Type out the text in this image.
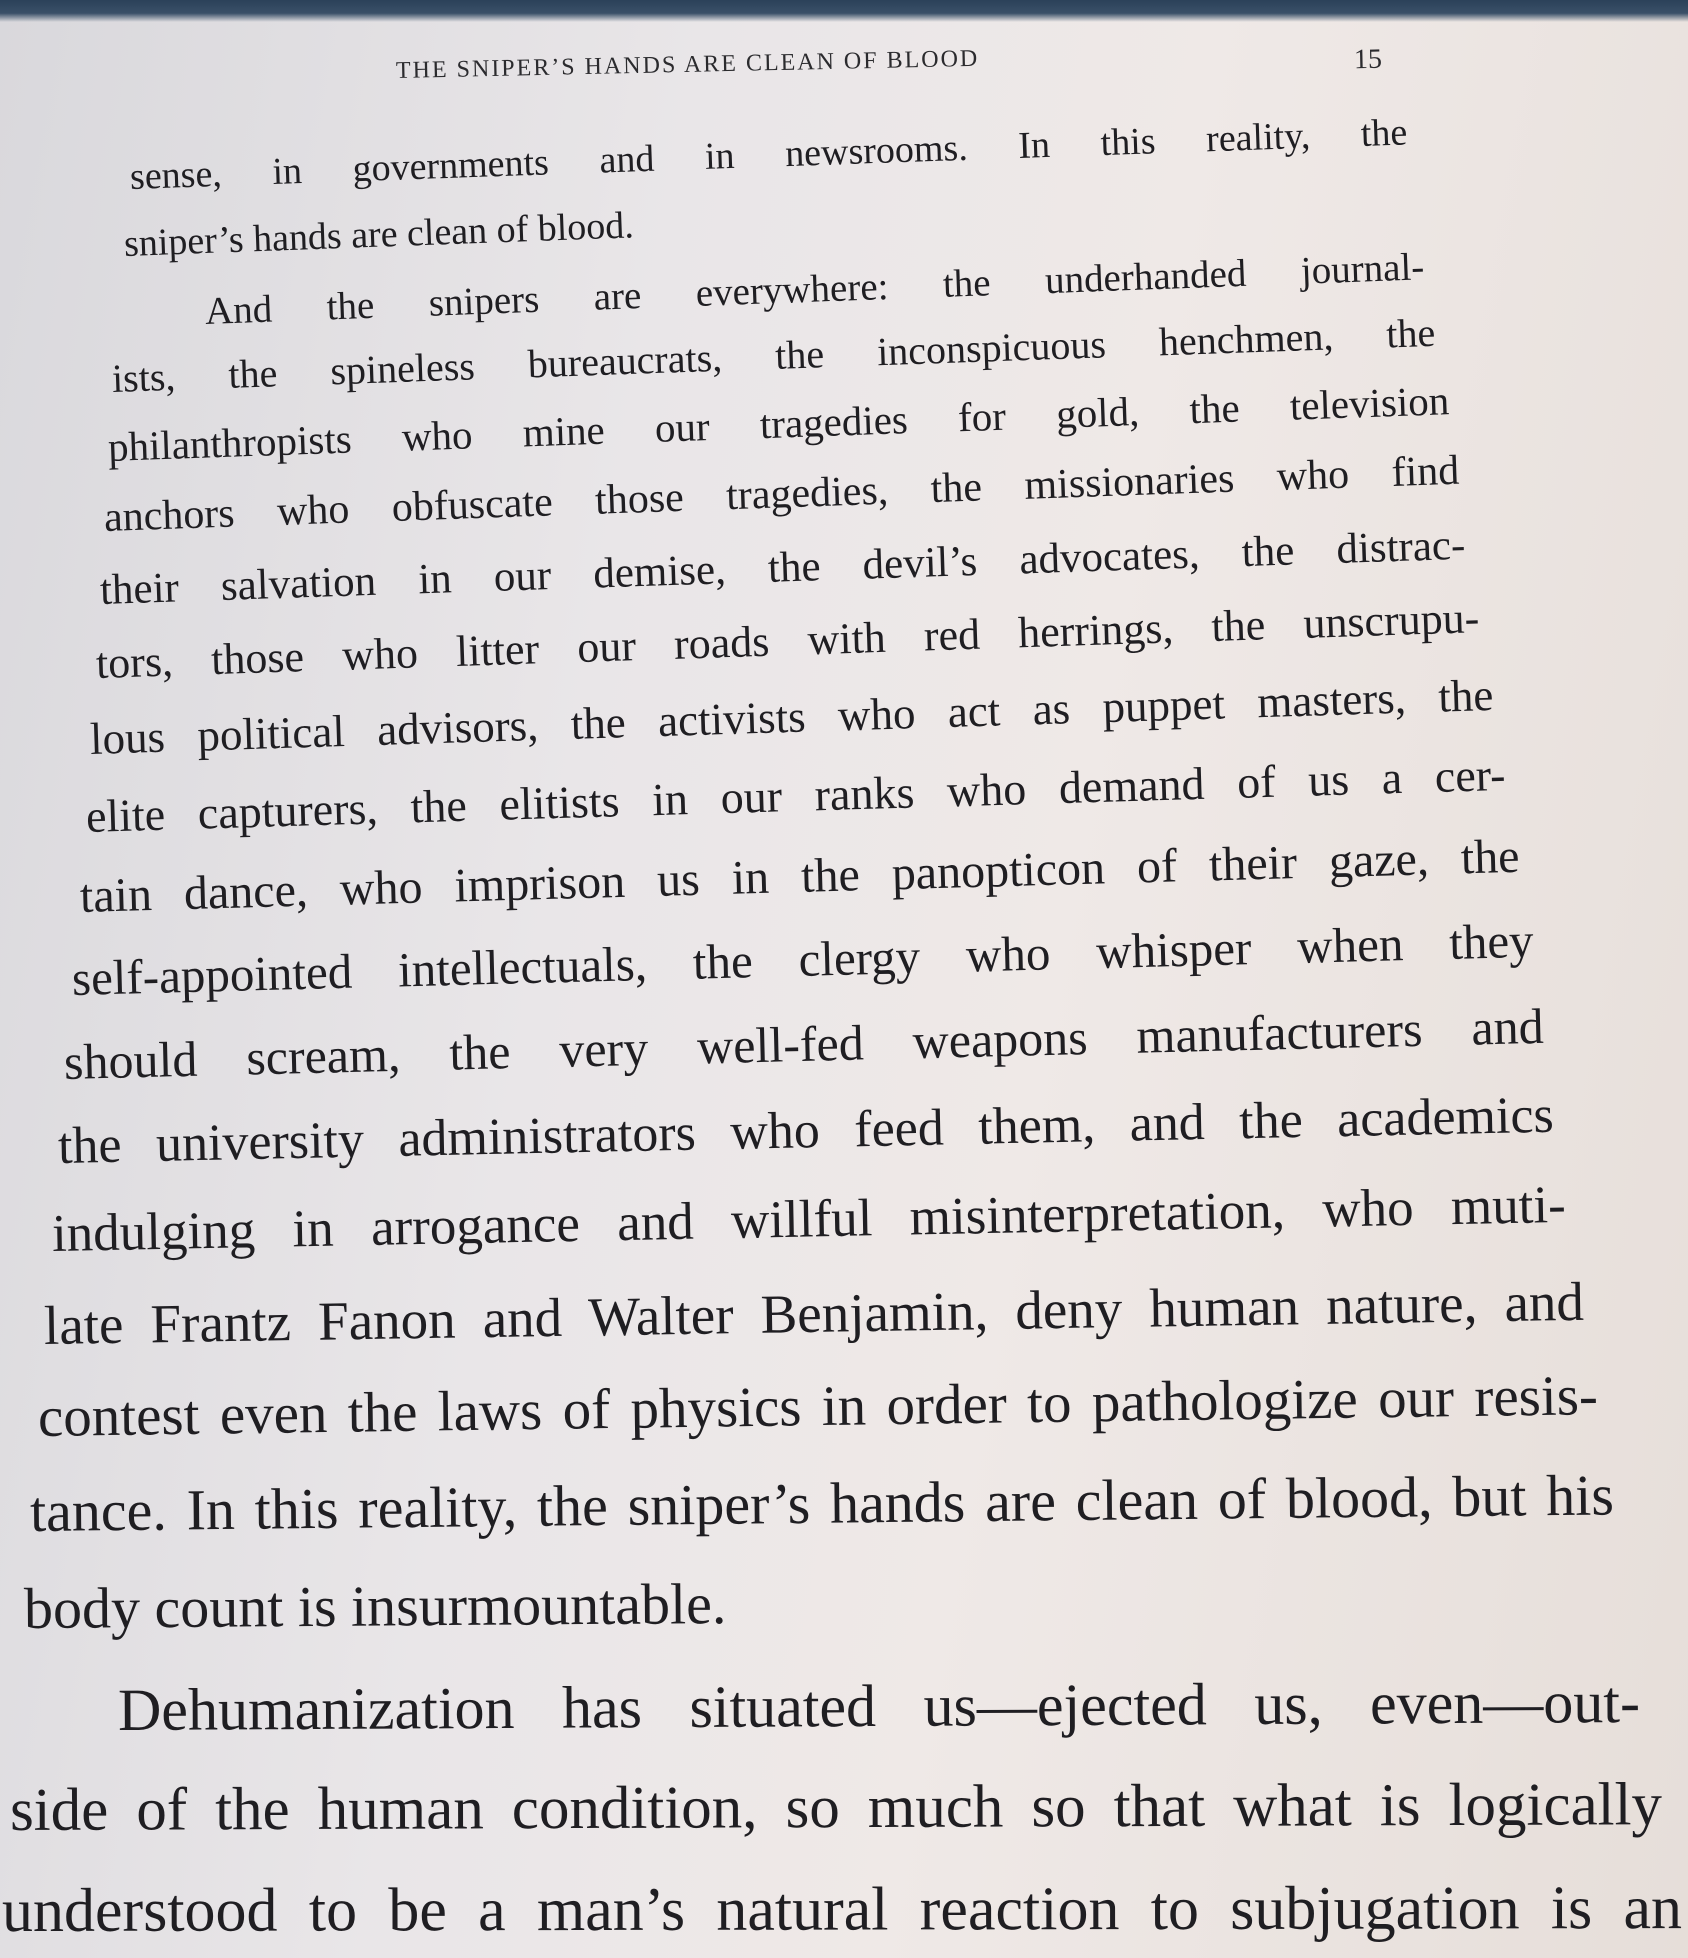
THE SNIPER’S HANDS ARE CLEAN OF BLOOD	15
sense, in governments and in newsrooms. In this reality, the
sniper’s hands are clean of blood.
And the snipers are everywhere: the underhanded journal-
ists, the spineless bureaucrats, the inconspicuous henchmen, the
philanthropists who mine our tragedies for gold, the television
anchors who obfuscate those tragedies, the missionaries who find
their salvation in our demise, the devil’s advocates, the distrac-
tors, those who litter our roads with red herrings, the unscrupu-
lous political advisors, the activists who act as puppet masters, the
elite capturers, the elitists in our ranks who demand of us a cer-
tain dance, who imprison us in the panopticon of their gaze, the
self-appointed intellectuals, the clergy who whisper when they
should scream, the very well-fed weapons manufacturers and
the university administrators who feed them, and the academics
indulging in arrogance and willful misinterpretation, who muti-
late Frantz Fanon and Walter Benjamin, deny human nature, and
contest even the laws of physics in order to pathologize our resis-
tance. In this reality, the sniper’s hands are clean of blood, but his
body count is insurmountable.
Dehumanization has situated us—ejected us, even—out-
side of the human condition, so much so that what is logically
understood to be a man’s natural reaction to subjugation is an
